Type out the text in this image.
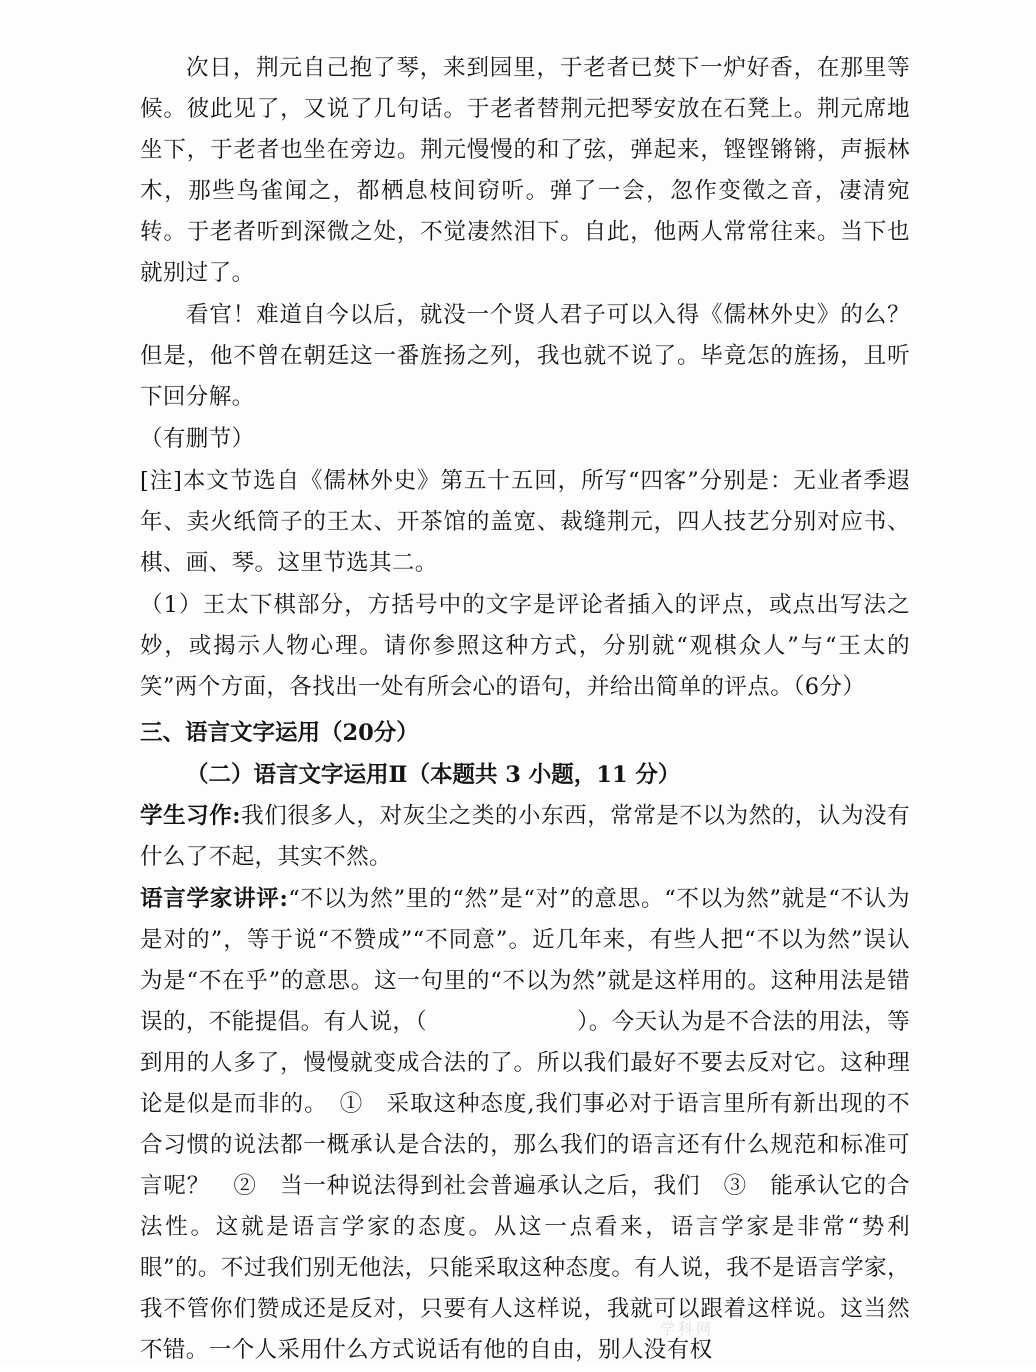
次日，荆元自己抱了琴，来到园里，于老者已焚下一炉好香，在那里等候。彼此见了，又说了几句话。于老者替荆元把琴安放在石凳上。荆元席地坐下，于老者也坐在旁边。荆元慢慢的和了弦，弹起来，铿铿锵锵，声振林木，那些鸟雀闻之，都栖息枝间窃听。弹了一会，忽作变徵之音，凄清宛转。于老者听到深微之处，不觉凄然泪下。自此，他两人常常往来。当下也就别过了。

看官！难道自今以后，就没一个贤人君子可以入得《儒林外史》的么？但是，他不曾在朝廷这一番旌扬之列，我也就不说了。毕竟怎的旌扬，且听下回分解。

（有删节）

[注]本文节选自《儒林外史》第五十五回，所写“四客”分别是：无业者季遐年、卖火纸筒子的王太、开茶馆的盖宽、裁缝荆元，四人技艺分别对应书、棋、画、琴。这里节选其二。

（1）王太下棋部分，方括号中的文字是评论者插入的评点，或点出写法之妙，或揭示人物心理。请你参照这种方式，分别就“观棋众人”与“王太的笑”两个方面，各找出一处有所会心的语句，并给出简单的评点。（6分）

三、语言文字运用（20分）

（二）语言文字运用Ⅱ（本题共 3 小题，11 分）

学生习作:我们很多人，对灰尘之类的小东西，常常是不以为然的，认为没有什么了不起，其实不然。

语言学家讲评:“不以为然”里的“然”是“对”的意思。“不以为然”就是“不认为是对的”，等于说“不赞成”“不同意”。近几年来，有些人把“不以为然”误认为是“不在乎”的意思。这一句里的“不以为然”就是这样用的。这种用法是错误的，不能提倡。有人说，（	）。今天认为是不合法的用法，等到用的人多了，慢慢就变成合法的了。所以我们最好不要去反对它。这种理论是似是而非的。　①　采取这种态度,我们事必对于语言里所有新出现的不合习惯的说法都一概承认是合法的，那么我们的语言还有什么规范和标准可言呢？　②　当一种说法得到社会普遍承认之后，我们　③　能承认它的合法性。这就是语言学家的态度。从这一点看来，语言学家是非常“势利眼”的。不过我们别无他法，只能采取这种态度。有人说，我不是语言学家，我不管你们赞成还是反对，只要有人这样说，我就可以跟着这样说。这当然不错。一个人采用什么方式说话有他的自由，别人没有权

学科网
